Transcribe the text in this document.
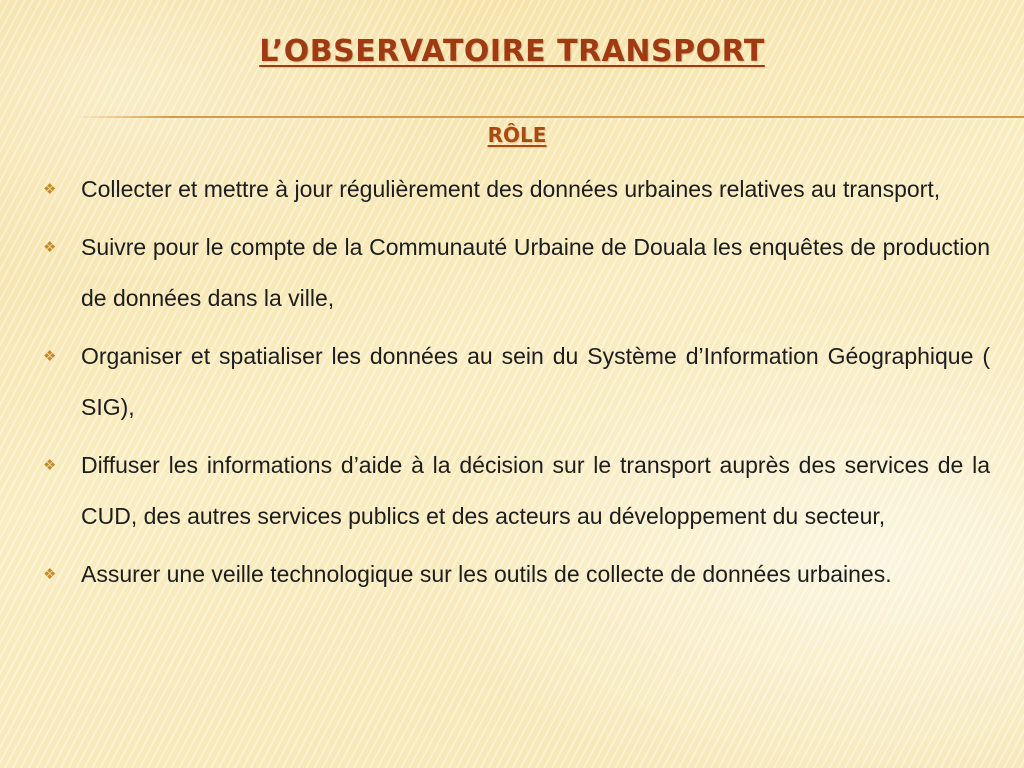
L’OBSERVATOIRE TRANSPORT
RÔLE
❖ Collecter et mettre à jour régulièrement des données urbaines relatives au transport,
❖ Suivre pour le compte de la Communauté Urbaine de Douala les enquêtes de production de données dans la ville,
❖ Organiser et spatialiser les données au sein du Système d’Information Géographique ( SIG),
❖ Diffuser les informations d’aide à la décision sur le transport auprès des services de la CUD, des autres services publics et des acteurs au développement du secteur,
❖ Assurer une veille technologique sur les outils de collecte de données urbaines.
